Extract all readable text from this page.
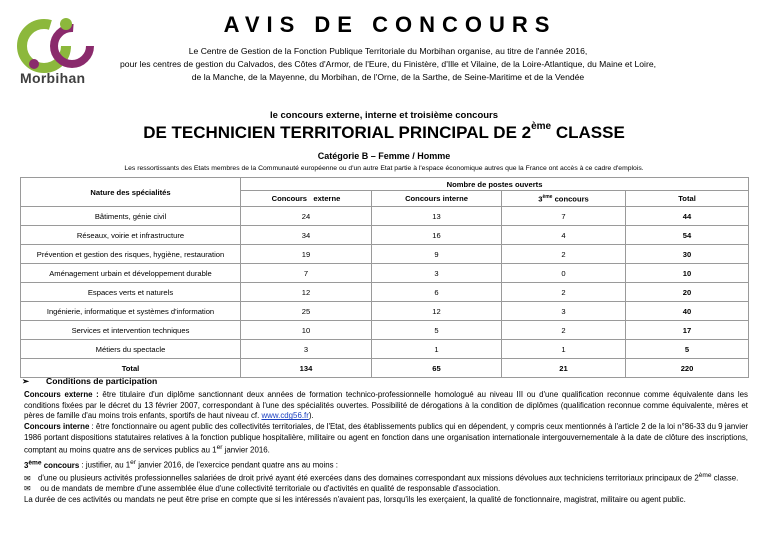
Morbihan
AVIS DE CONCOURS
Le Centre de Gestion de la Fonction Publique Territoriale du Morbihan organise, au titre de l'année 2016,
pour les centres de gestion du Calvados, des Côtes d'Armor, de l'Eure, du Finistère, d'Ille et Vilaine, de la Loire-Atlantique, du Maine et Loire,
de la Manche, de la Mayenne, du Morbihan, de l'Orne, de la Sarthe, de Seine-Maritime et de la Vendée
le concours externe, interne et troisième concours
DE TECHNICIEN TERRITORIAL PRINCIPAL DE 2ème CLASSE
Catégorie B – Femme / Homme
Les ressortissants des Etats membres de la Communauté européenne ou d'un autre Etat partie à l'espace économique autres que la France ont accès à ce cadre d'emplois.
Nature des spécialités	Nombre de postes ouverts			
	Concours   externe	Concours interne	3ème concours	Total
Bâtiments, génie civil	24	13	7	44
Réseaux, voirie et infrastructure	34	16	4	54
Prévention et gestion des risques, hygiène, restauration	19	9	2	30
Aménagement urbain et développement durable	7	3	0	10
Espaces verts et naturels	12	6	2	20
Ingénierie, informatique et systèmes d'information	25	12	3	40
Services et intervention techniques	10	5	2	17
Métiers du spectacle	3	1	1	5
Total	134	65	21	220
➢ Conditions de participation
Concours externe : être titulaire d'un diplôme sanctionnant deux années de formation technico-professionnelle homologué au niveau III ou d'une qualification reconnue comme équivalente dans les conditions fixées par le décret du 13 février 2007, correspondant à l'une des spécialités ouvertes. Possibilité de dérogations à la condition de diplômes (qualification reconnue comme équivalente, mères et pères de famille d'au moins trois enfants, sportifs de haut niveau cf. www.cdg56.fr).
Concours interne : être fonctionnaire ou agent public des collectivités territoriales, de l'Etat, des établissements publics qui en dépendent, y compris ceux mentionnés à l'article 2 de la loi n°86-33 du 9 janvier 1986 portant dispositions statutaires relatives à la fonction publique hospitalière, militaire ou agent en fonction dans une organisation internationale intergouvernementale à la date de clôture des inscriptions, comptant au moins quatre ans de services publics au 1er janvier 2016.
3ème concours : justifier, au 1er janvier 2016, de l'exercice pendant quatre ans au moins :
✉ d'une ou plusieurs activités professionnelles salariées de droit privé ayant été exercées dans des domaines correspondant aux missions dévolues aux techniciens territoriaux principaux de 2ème classe.
✉ ou de mandats de membre d'une assemblée élue d'une collectivité territoriale ou d'activités en qualité de responsable d'association.
La durée de ces activités ou mandats ne peut être prise en compte que si les intéressés n'avaient pas, lorsqu'ils les exerçaient, la qualité de fonctionnaire, magistrat, militaire ou agent public.
